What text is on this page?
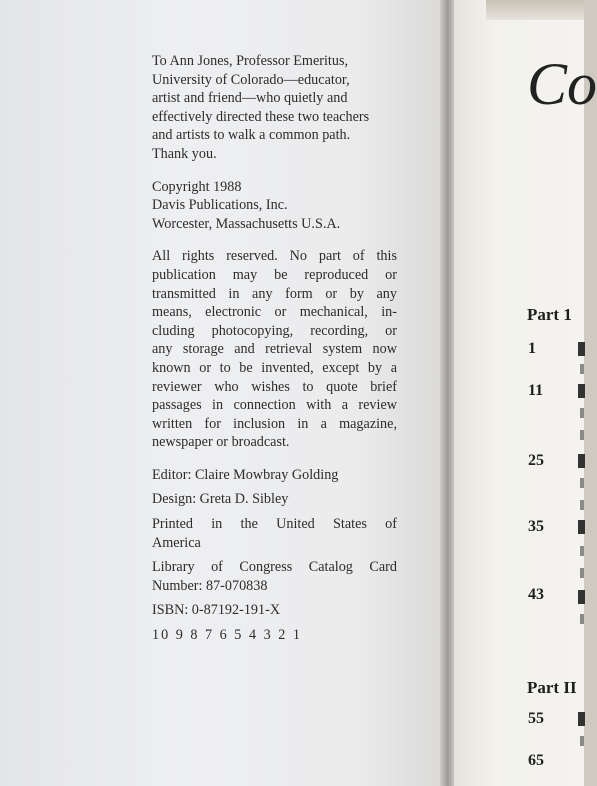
To Ann Jones, Professor Emeritus,
University of Colorado—educator,
artist and friend—who quietly and
effectively directed these two teachers
and artists to walk a common path.
Thank you.
Copyright 1988
Davis Publications, Inc.
Worcester, Massachusetts U.S.A.
All rights reserved. No part of this
publication may be reproduced or
transmitted in any form or by any
means, electronic or mechanical, in-
cluding photocopying, recording, or
any storage and retrieval system now
known or to be invented, except by a
reviewer who wishes to quote brief
passages in connection with a review
written for inclusion in a magazine,
newspaper or broadcast.
Editor: Claire Mowbray Golding
Design: Greta D. Sibley
Printed in the United States of
America
Library of Congress Catalog Card
Number: 87-070838
ISBN: 0-87192-191-X
10 9 8 7 6 5 4 3 2 1
Co
Part 1
Part II
1
11
25
35
43
55
65
